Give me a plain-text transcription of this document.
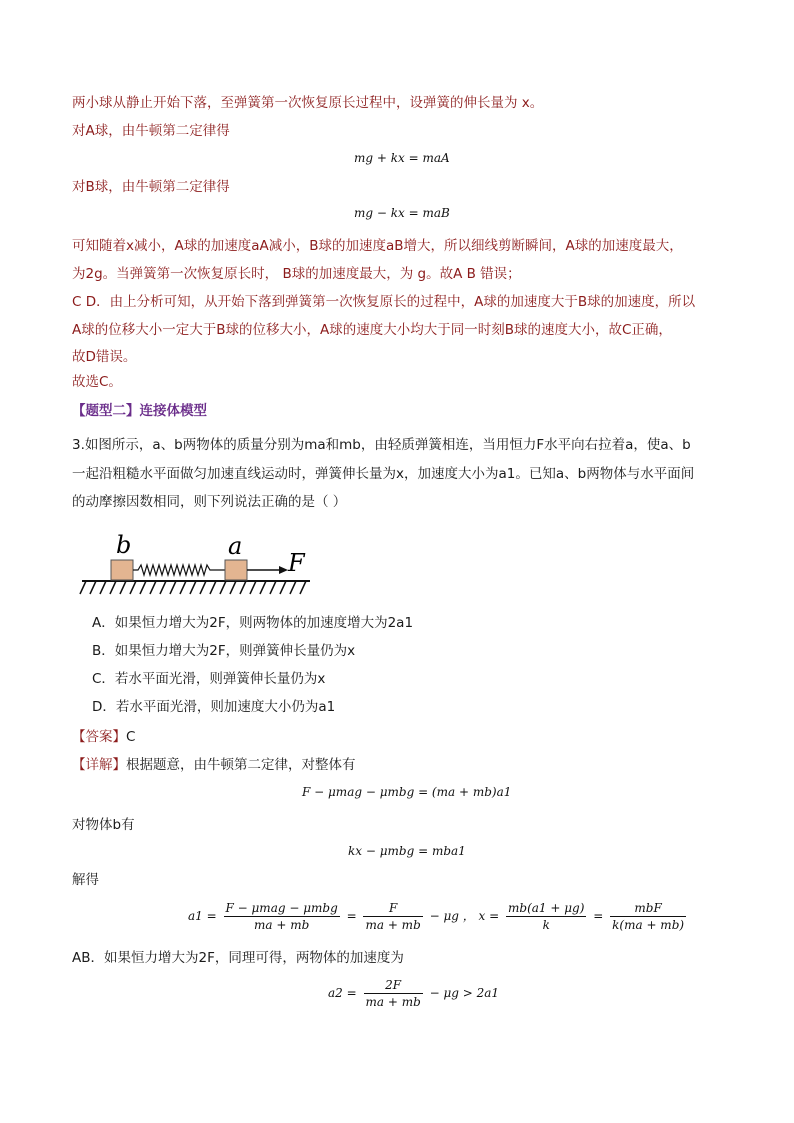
两小球从静止开始下落，至弹簧第一次恢复原长过程中，设弹簧的伸长量为 x。
对A球，由牛顿第二定律得
mg + kx = maA
对B球，由牛顿第二定律得
mg − kx = maB
可知随着x减小，A球的加速度aA减小，B球的加速度aB增大，所以细线剪断瞬间，A球的加速度最大，
为2g。当弹簧第一次恢复原长时， B球的加速度最大，为 g。故A B 错误；
C D．由上分析可知，从开始下落到弹簧第一次恢复原长的过程中，A球的加速度大于B球的加速度，所以
A球的位移大小一定大于B球的位移大小，A球的速度大小均大于同一时刻B球的速度大小，故C正确，
故D错误。
故选C。
【题型二】连接体模型
3.如图所示，a、b两物体的质量分别为ma和mb，由轻质弹簧相连，当用恒力F水平向右拉着a，使a、b
一起沿粗糙水平面做匀加速直线运动时，弹簧伸长量为x，加速度大小为a1。已知a、b两物体与水平面间
的动摩擦因数相同，则下列说法正确的是（ ）
b	a
F
A．如果恒力增大为2F，则两物体的加速度增大为2a1
B．如果恒力增大为2F，则弹簧伸长量仍为x
C．若水平面光滑，则弹簧伸长量仍为x
D．若水平面光滑，则加速度大小仍为a1
【答案】C
【详解】根据题意，由牛顿第二定律，对整体有
F − μmag − μmbg = (ma + mb)a1
对物体b有
kx − μmbg = mba1
解得
$a1 = \frac{\text{F − μmag − μmbg}}{ma + mb} = \frac{F}{ma + mb} - \mu g$ ， $x = \frac{mb(a1 + \mu g)}{k} = \frac{\text{mbF}}{k(ma + mb)}$
AB．如果恒力增大为2F，同理可得，两物体的加速度为
$a2 = \frac{2F}{ma + mb} - \mu g > 2a1$
